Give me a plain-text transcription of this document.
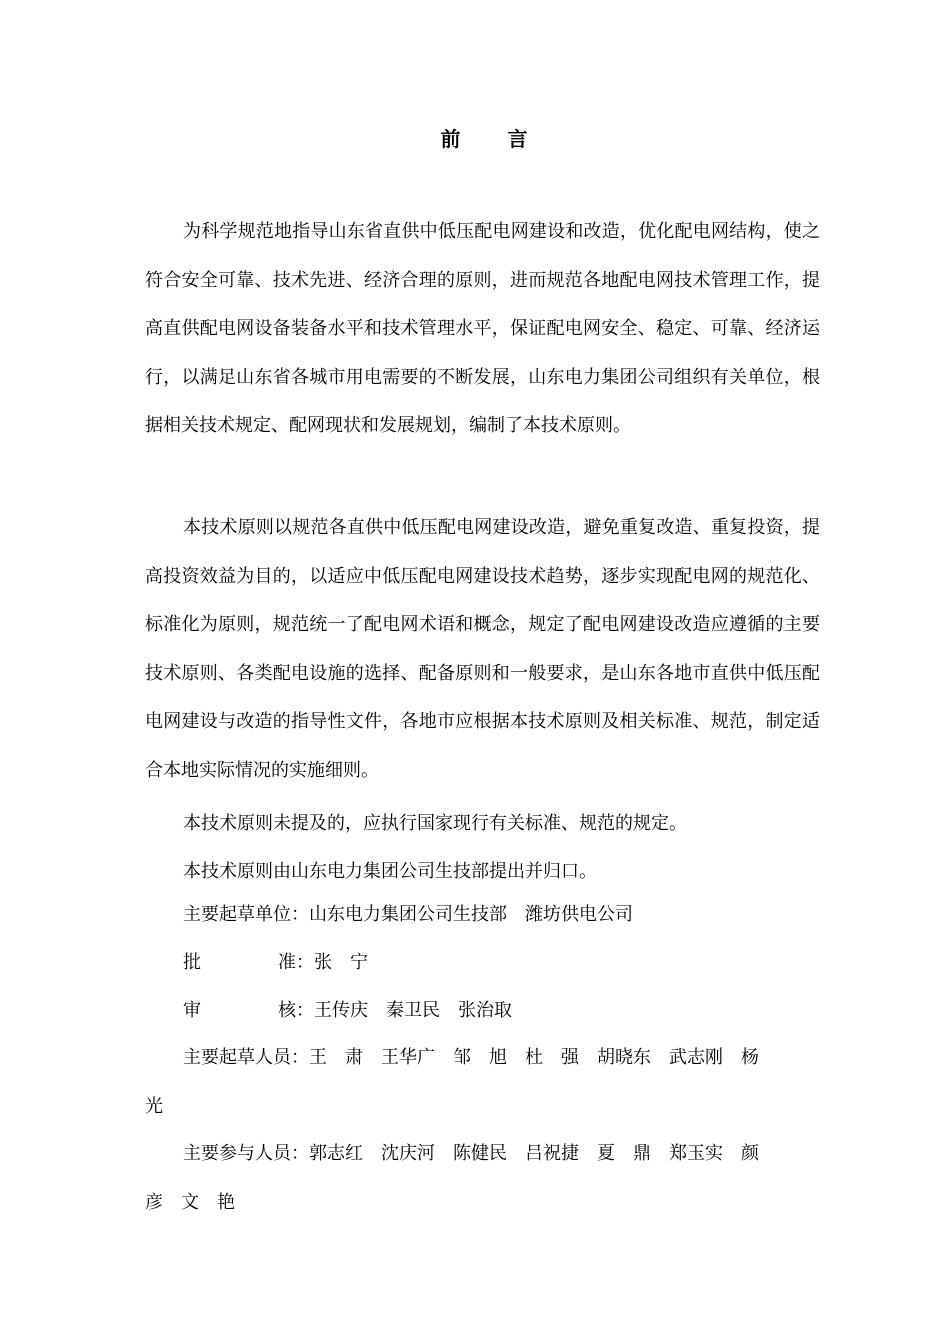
前 言

为科学规范地指导山东省直供中低压配电网建设和改造，优化配电网结构，使之符合安全可靠、技术先进、经济合理的原则，进而规范各地配电网技术管理工作，提高直供配电网设备装备水平和技术管理水平，保证配电网安全、稳定、可靠、经济运行，以满足山东省各城市用电需要的不断发展，山东电力集团公司组织有关单位，根据相关技术规定、配网现状和发展规划，编制了本技术原则。

本技术原则以规范各直供中低压配电网建设改造，避免重复改造、重复投资，提高投资效益为目的，以适应中低压配电网建设技术趋势，逐步实现配电网的规范化、标准化为原则，规范统一了配电网术语和概念，规定了配电网建设改造应遵循的主要技术原则、各类配电设施的选择、配备原则和一般要求，是山东各地市直供中低压配电网建设与改造的指导性文件，各地市应根据本技术原则及相关标准、规范，制定适合本地实际情况的实施细则。

本技术原则未提及的，应执行国家现行有关标准、规范的规定。

本技术原则由山东电力集团公司生技部提出并归口。

主要起草单位：山东电力集团公司生技部　潍坊供电公司
批	准：张　宁
审	核：王传庆　秦卫民　张治取
主要起草人员：王　肃　王华广　邹　旭　杜　强　胡晓东　武志刚　杨
光
主要参与人员：郭志红　沈庆河　陈健民　吕祝捷　夏　鼎　郑玉实　颜
彦　文　艳
